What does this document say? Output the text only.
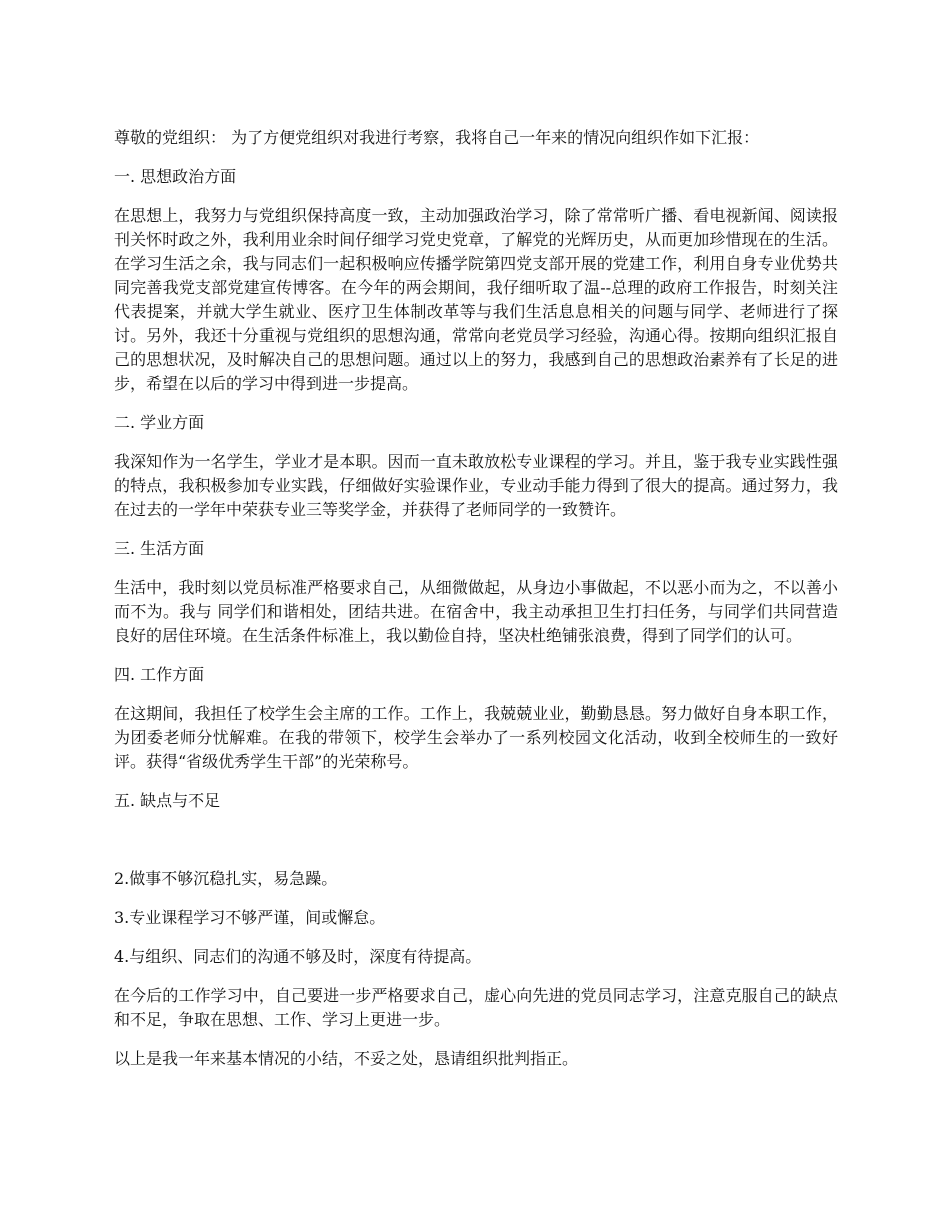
尊敬的党组织： 为了方便党组织对我进行考察，我将自己一年来的情况向组织作如下汇报：

一. 思想政治方面

在思想上，我努力与党组织保持高度一致，主动加强政治学习，除了常常听广播、看电视新闻、阅读报刊关怀时政之外，我利用业余时间仔细学习党史党章，了解党的光辉历史，从而更加珍惜现在的生活。在学习生活之余，我与同志们一起积极响应传播学院第四党支部开展的党建工作，利用自身专业优势共同完善我党支部党建宣传博客。在今年的两会期间，我仔细听取了温--总理的政府工作报告，时刻关注代表提案，并就大学生就业、医疗卫生体制改革等与我们生活息息相关的问题与同学、老师进行了探讨。另外，我还十分重视与党组织的思想沟通，常常向老党员学习经验，沟通心得。按期向组织汇报自己的思想状况，及时解决自己的思想问题。通过以上的努力，我感到自己的思想政治素养有了长足的进步，希望在以后的学习中得到进一步提高。

二. 学业方面

我深知作为一名学生，学业才是本职。因而一直未敢放松专业课程的学习。并且，鉴于我专业实践性强的特点，我积极参加专业实践，仔细做好实验课作业，专业动手能力得到了很大的提高。通过努力，我在过去的一学年中荣获专业三等奖学金，并获得了老师同学的一致赞许。

三. 生活方面

生活中，我时刻以党员标准严格要求自己，从细微做起，从身边小事做起，不以恶小而为之，不以善小而不为。我与 同学们和谐相处，团结共进。在宿舍中，我主动承担卫生打扫任务，与同学们共同营造良好的居住环境。在生活条件标准上，我以勤俭自持，坚决杜绝铺张浪费，得到了同学们的认可。

四. 工作方面

在这期间，我担任了校学生会主席的工作。工作上，我兢兢业业，勤勤恳恳。努力做好自身本职工作，为团委老师分忧解难。在我的带领下，校学生会举办了一系列校园文化活动，收到全校师生的一致好评。获得“省级优秀学生干部”的光荣称号。

五. 缺点与不足

2.做事不够沉稳扎实，易急躁。

3.专业课程学习不够严谨，间或懈怠。

4.与组织、同志们的沟通不够及时，深度有待提高。

在今后的工作学习中，自己要进一步严格要求自己，虚心向先进的党员同志学习，注意克服自己的缺点和不足，争取在思想、工作、学习上更进一步。

以上是我一年来基本情况的小结，不妥之处，恳请组织批判指正。
